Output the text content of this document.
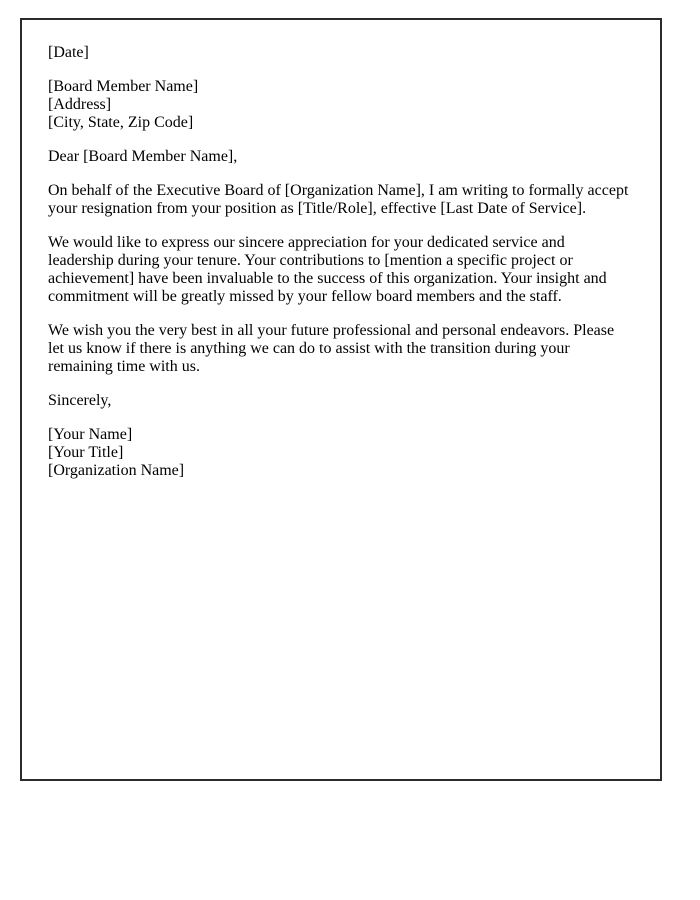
[Date]

[Board Member Name]
[Address]
[City, State, Zip Code]

Dear [Board Member Name],

On behalf of the Executive Board of [Organization Name], I am writing to formally accept your resignation from your position as [Title/Role], effective [Last Date of Service].

We would like to express our sincere appreciation for your dedicated service and leadership during your tenure. Your contributions to [mention a specific project or achievement] have been invaluable to the success of this organization. Your insight and commitment will be greatly missed by your fellow board members and the staff.

We wish you the very best in all your future professional and personal endeavors. Please let us know if there is anything we can do to assist with the transition during your remaining time with us.

Sincerely,

[Your Name]
[Your Title]
[Organization Name]
